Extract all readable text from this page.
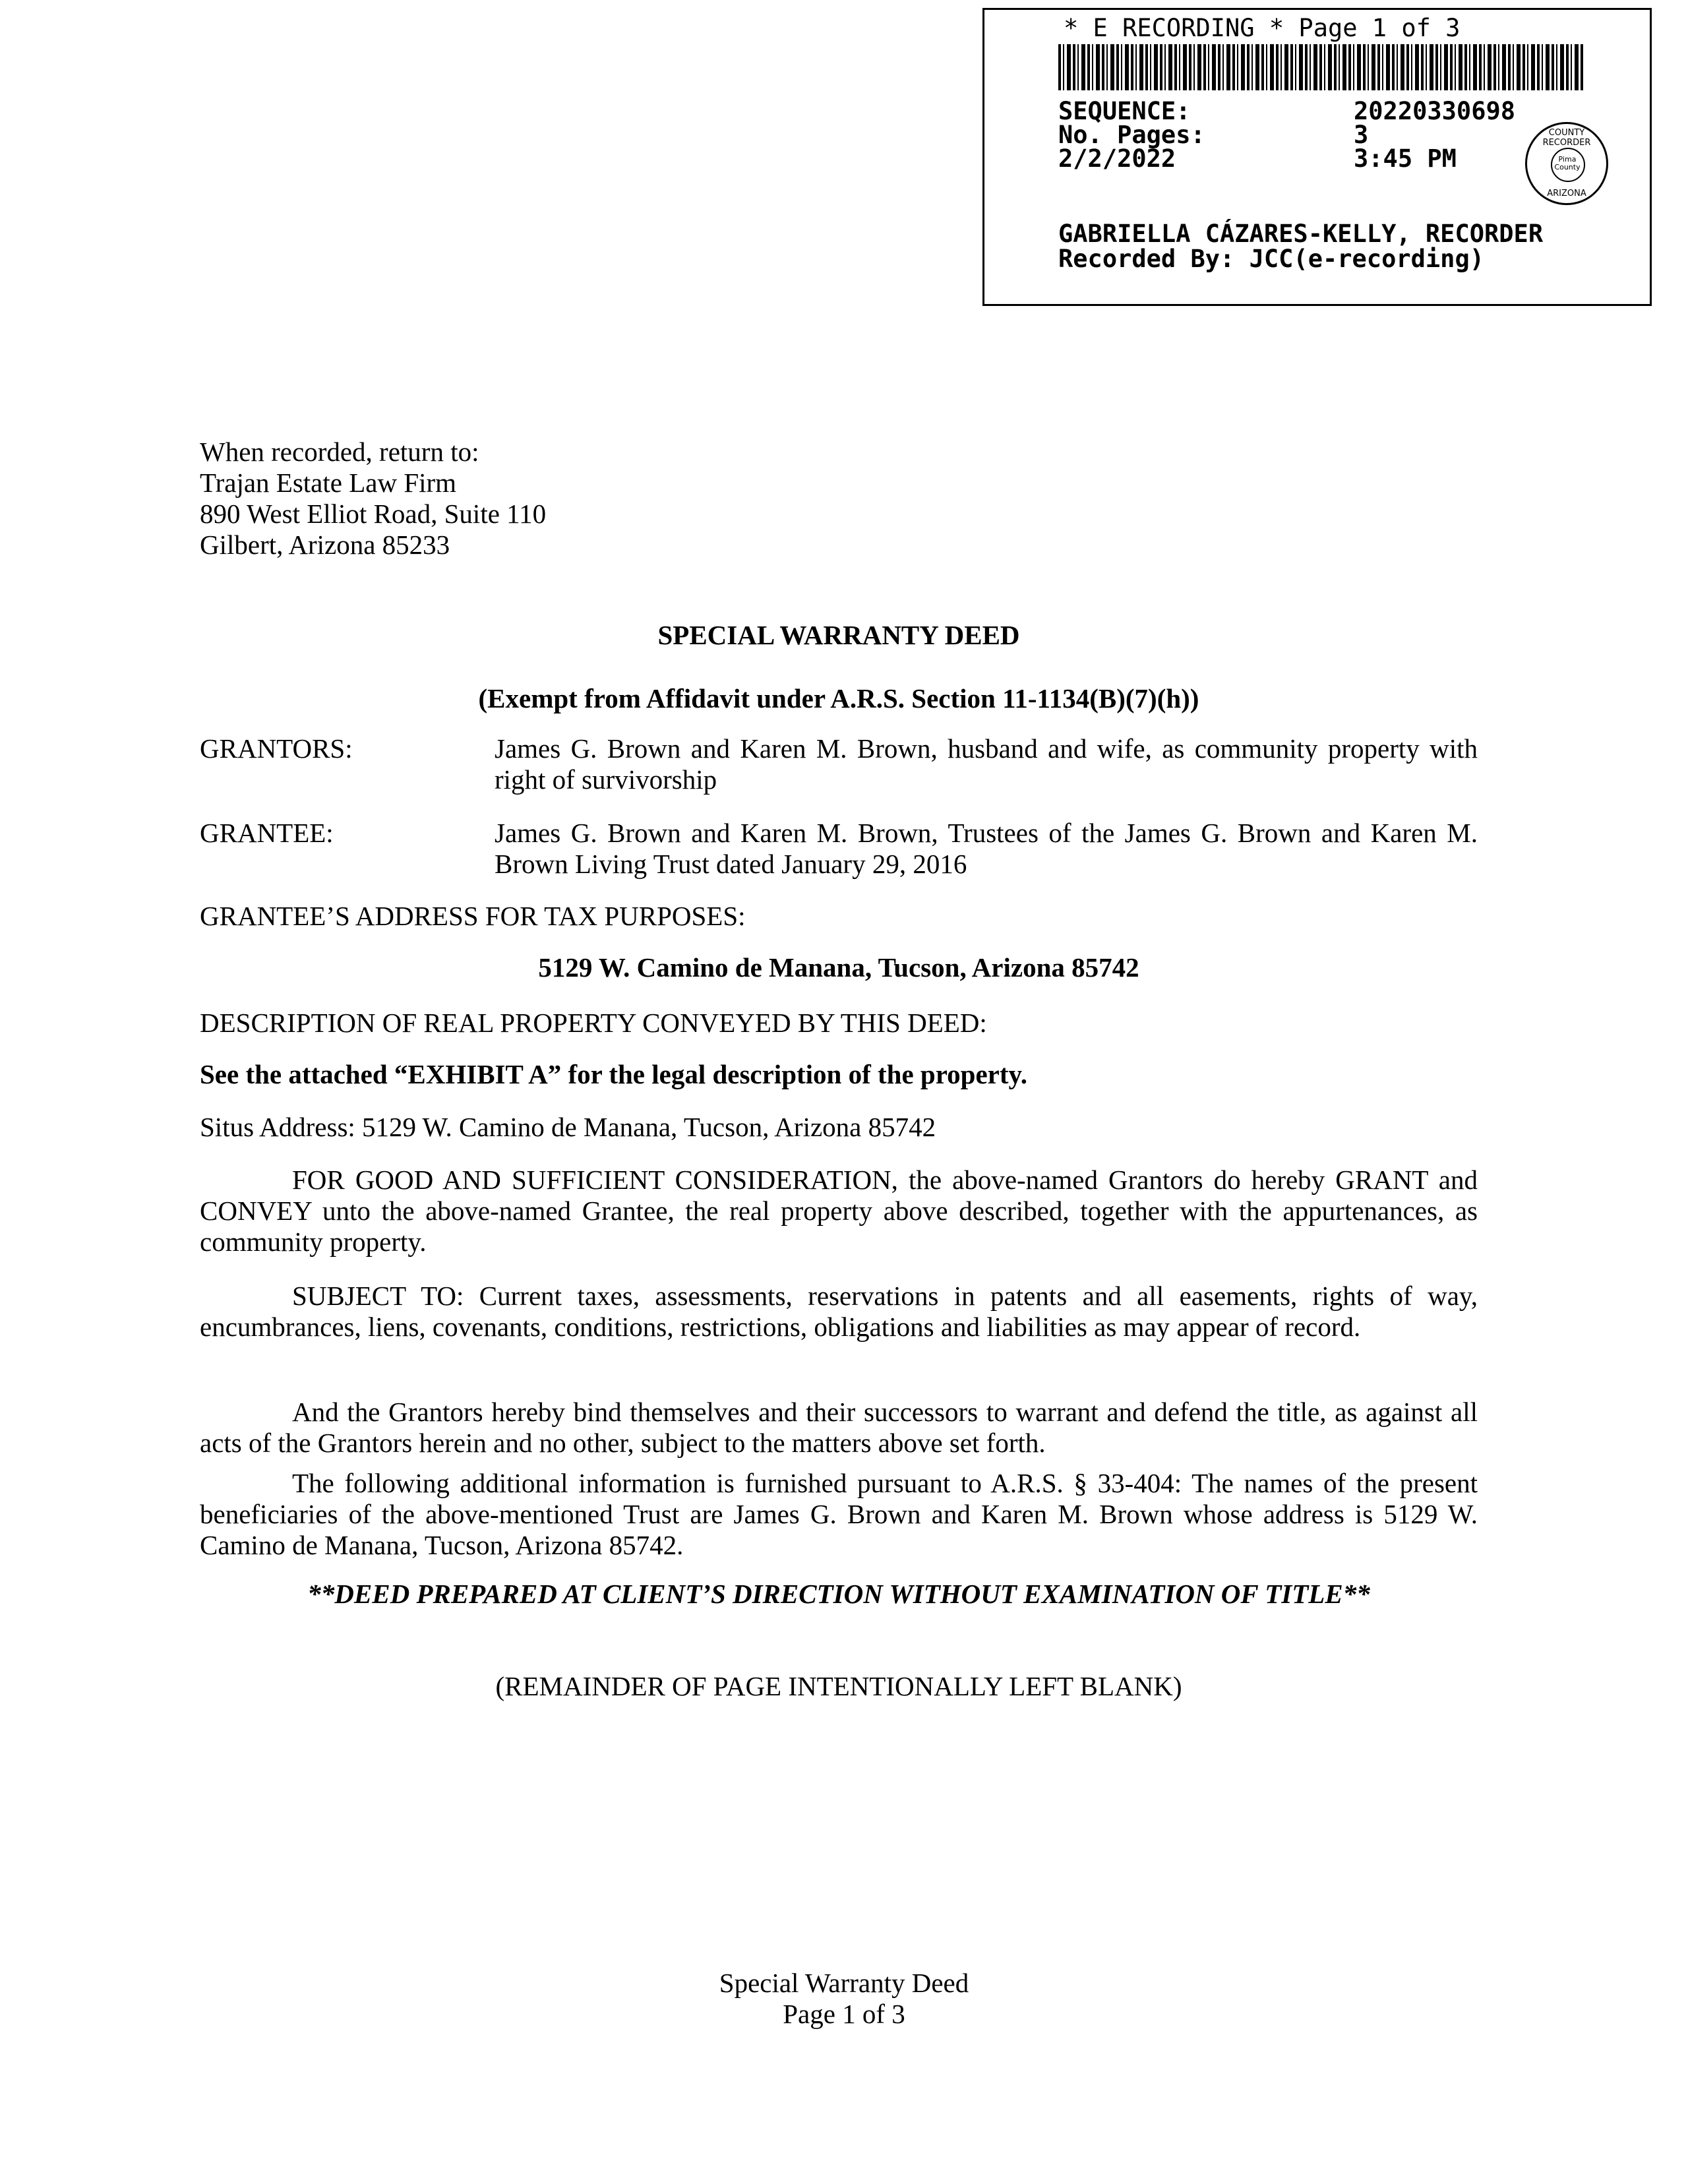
* E RECORDING * Page 1 of 3
SEQUENCE:	20220330698
No. Pages:	3
2/2/2022	3:45 PM
COUNTY RECORDER
Pima County
ARIZONA
GABRIELLA CÁZARES-KELLY, RECORDER
Recorded By: JCC(e-recording)
When recorded, return to:
Trajan Estate Law Firm
890 West Elliot Road, Suite 110
Gilbert, Arizona 85233
SPECIAL WARRANTY DEED
(Exempt from Affidavit under A.R.S. Section 11-1134(B)(7)(h))
GRANTORS:	James G. Brown and Karen M. Brown, husband and wife, as community property with right of survivorship
GRANTEE:	James G. Brown and Karen M. Brown, Trustees of the James G. Brown and Karen M. Brown Living Trust dated January 29, 2016
GRANTEE’S ADDRESS FOR TAX PURPOSES:
5129 W. Camino de Manana, Tucson, Arizona 85742
DESCRIPTION OF REAL PROPERTY CONVEYED BY THIS DEED:
See the attached “EXHIBIT A” for the legal description of the property.
Situs Address: 5129 W. Camino de Manana, Tucson, Arizona 85742
FOR GOOD AND SUFFICIENT CONSIDERATION, the above-named Grantors do hereby GRANT and CONVEY unto the above-named Grantee, the real property above described, together with the appurtenances, as community property.
SUBJECT TO: Current taxes, assessments, reservations in patents and all easements, rights of way, encumbrances, liens, covenants, conditions, restrictions, obligations and liabilities as may appear of record.
And the Grantors hereby bind themselves and their successors to warrant and defend the title, as against all acts of the Grantors herein and no other, subject to the matters above set forth.
The following additional information is furnished pursuant to A.R.S. § 33-404: The names of the present beneficiaries of the above-mentioned Trust are James G. Brown and Karen M. Brown whose address is 5129 W. Camino de Manana, Tucson, Arizona 85742.
**DEED PREPARED AT CLIENT’S DIRECTION WITHOUT EXAMINATION OF TITLE**
(REMAINDER OF PAGE INTENTIONALLY LEFT BLANK)
Special Warranty Deed
Page 1 of 3
